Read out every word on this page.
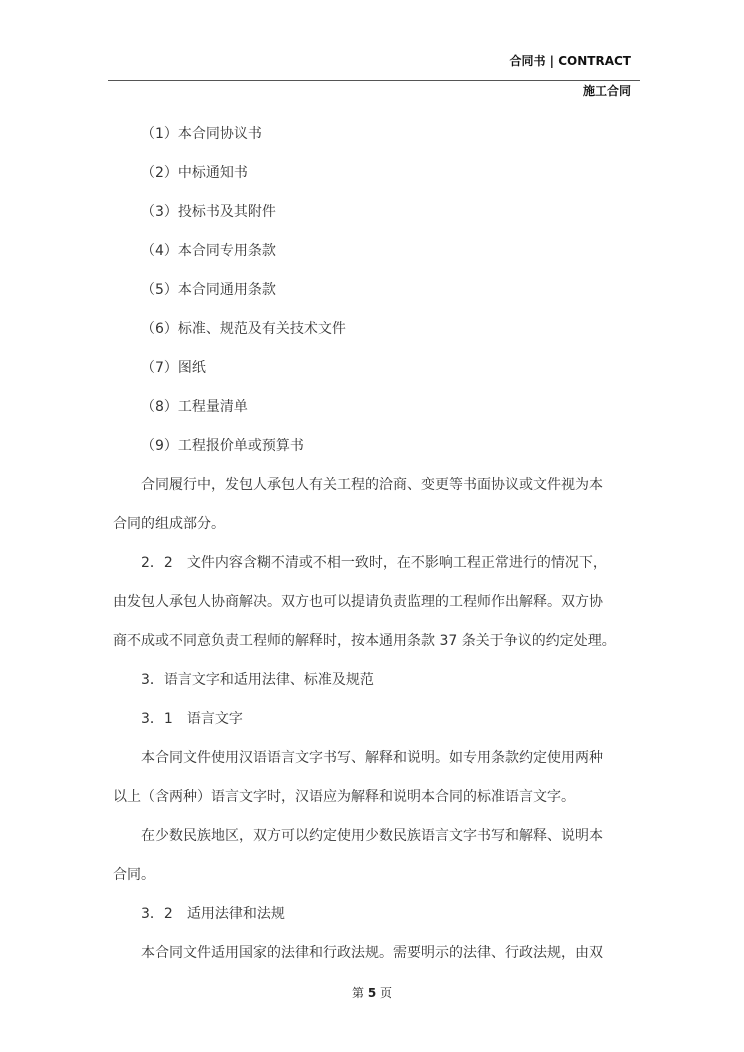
合同书 | CONTRACT
施工合同
（1）本合同协议书
（2）中标通知书
（3）投标书及其附件
（4）本合同专用条款
（5）本合同通用条款
（6）标准、规范及有关技术文件
（7）图纸
（8）工程量清单
（9）工程报价单或预算书
合同履行中，发包人承包人有关工程的洽商、变更等书面协议或文件视为本
合同的组成部分。
2．2　文件内容含糊不清或不相一致时，在不影响工程正常进行的情况下，
由发包人承包人协商解决。双方也可以提请负责监理的工程师作出解释。双方协
商不成或不同意负责工程师的解释时，按本通用条款 37 条关于争议的约定处理。
3．语言文字和适用法律、标准及规范
3．1　语言文字
本合同文件使用汉语语言文字书写、解释和说明。如专用条款约定使用两种
以上（含两种）语言文字时，汉语应为解释和说明本合同的标准语言文字。
在少数民族地区，双方可以约定使用少数民族语言文字书写和解释、说明本
合同。
3．2　适用法律和法规
本合同文件适用国家的法律和行政法规。需要明示的法律、行政法规，由双
第 5 页
